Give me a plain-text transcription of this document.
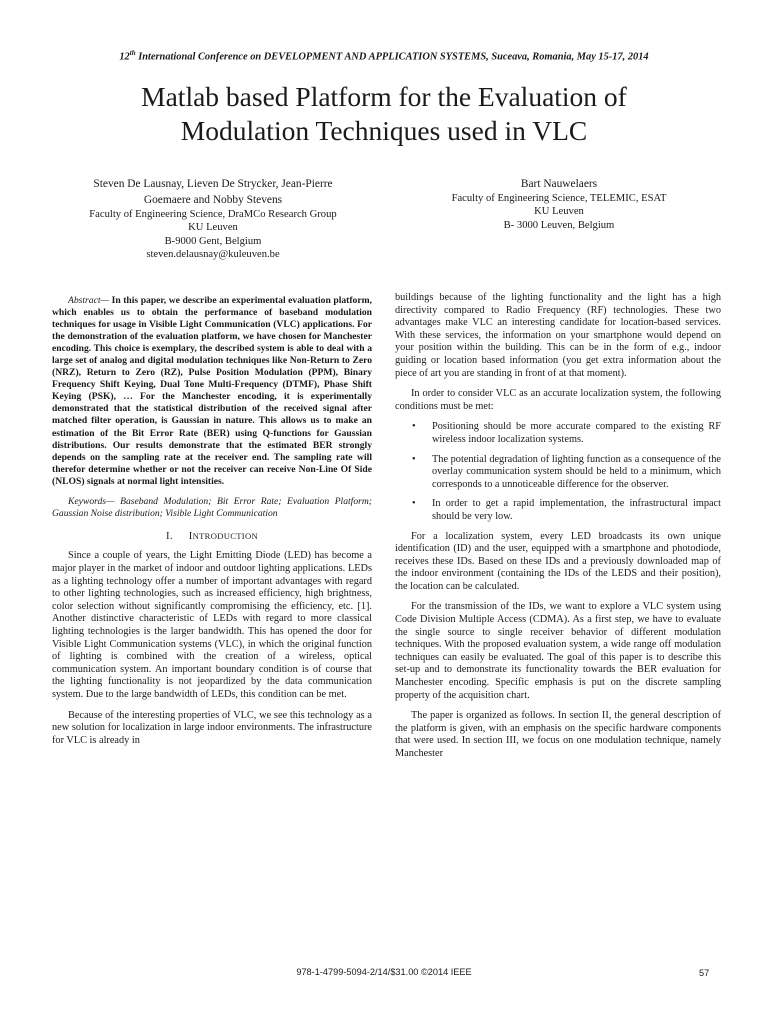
12th International Conference on DEVELOPMENT AND APPLICATION SYSTEMS, Suceava, Romania, May 15-17, 2014
Matlab based Platform for the Evaluation of
Modulation Techniques used in VLC
Steven De Lausnay, Lieven De Strycker, Jean-Pierre
Goemaere and Nobby Stevens
Faculty of Engineering Science, DraMCo Research Group
KU Leuven
B-9000 Gent, Belgium
steven.delausnay@kuleuven.be
Bart Nauwelaers
Faculty of Engineering Science, TELEMIC, ESAT
KU Leuven
B- 3000 Leuven, Belgium

Abstract— In this paper, we describe an experimental evaluation platform, which enables us to obtain the performance of baseband modulation techniques for usage in Visible Light Communication (VLC) applications. For the demonstration of the evaluation platform, we have chosen for Manchester encoding. This choice is exemplary, the described system is able to deal with a large set of analog and digital modulation techniques like Non-Return to Zero (NRZ), Return to Zero (RZ), Pulse Position Modulation (PPM), Binary Frequency Shift Keying, Dual Tone Multi-Frequency (DTMF), Phase Shift Keying (PSK), … For the Manchester encoding, it is experimentally demonstrated that the statistical distribution of the received signal after matched filter operation, is Gaussian in nature. This allows us to make an estimation of the Bit Error Rate (BER) using Q-functions for Gaussian distributions. Our results demonstrate that the estimated BER strongly depends on the sampling rate at the receiver end. The sampling rate will therefor determine whether or not the receiver can receive Non-Line Of Side (NLOS) signals at normal light intensities.

Keywords— Baseband Modulation; Bit Error Rate; Evaluation Platform; Gaussian Noise distribution; Visible Light Communication

I. INTRODUCTION

Since a couple of years, the Light Emitting Diode (LED) has become a major player in the market of indoor and outdoor lighting applications. LEDs as a lighting technology offer a number of important advantages with regard to other lighting technologies, such as increased efficiency, high brightness, color selection without significantly compromising the efficiency, etc. [1]. Another distinctive characteristic of LEDs with regard to more classical lighting technologies is the larger bandwidth. This has opened the door for Visible Light Communication systems (VLC), in which the original function of lighting is combined with the creation of a wireless, optical communication system. An important boundary condition is of course that the lighting functionality is not jeopardized by the data communication system. Due to the large bandwidth of LEDs, this condition can be met.

Because of the interesting properties of VLC, we see this technology as a new solution for localization in large indoor environments. The infrastructure for VLC is already in

buildings because of the lighting functionality and the light has a high directivity compared to Radio Frequency (RF) technologies. These two advantages make VLC an interesting candidate for location-based services. With these services, the information on your smartphone would depend on your position within the building. This can be in the form of e.g., indoor guiding or location based information (you get extra information about the piece of art you are standing in front of at that moment).

In order to consider VLC as an accurate localization system, the following conditions must be met:

• Positioning should be more accurate compared to the existing RF wireless indoor localization systems.
• The potential degradation of lighting function as a consequence of the overlay communication system should be held to a minimum, which corresponds to a unnoticeable difference for the observer.
• In order to get a rapid implementation, the infrastructural impact should be very low.

For a localization system, every LED broadcasts its own unique identification (ID) and the user, equipped with a smartphone and photodiode, receives these IDs. Based on these IDs and a previously downloaded map of the indoor environment (containing the IDs of the LEDS and their position), the location can be calculated.

For the transmission of the IDs, we want to explore a VLC system using Code Division Multiple Access (CDMA). As a first step, we have to evaluate the single source to single receiver behavior of different modulation techniques. With the proposed evaluation system, a wide range off modulation techniques can easily be evaluated. The goal of this paper is to describe this set-up and to demonstrate its functionality towards the BER evaluation for Manchester encoding. Specific emphasis is put on the discrete sampling property of the acquisition chart.

The paper is organized as follows. In section II, the general description of the platform is given, with an emphasis on the specific hardware components that were used. In section III, we focus on one modulation technique, namely Manchester

978-1-4799-5094-2/14/$31.00 ©2014 IEEE	57
